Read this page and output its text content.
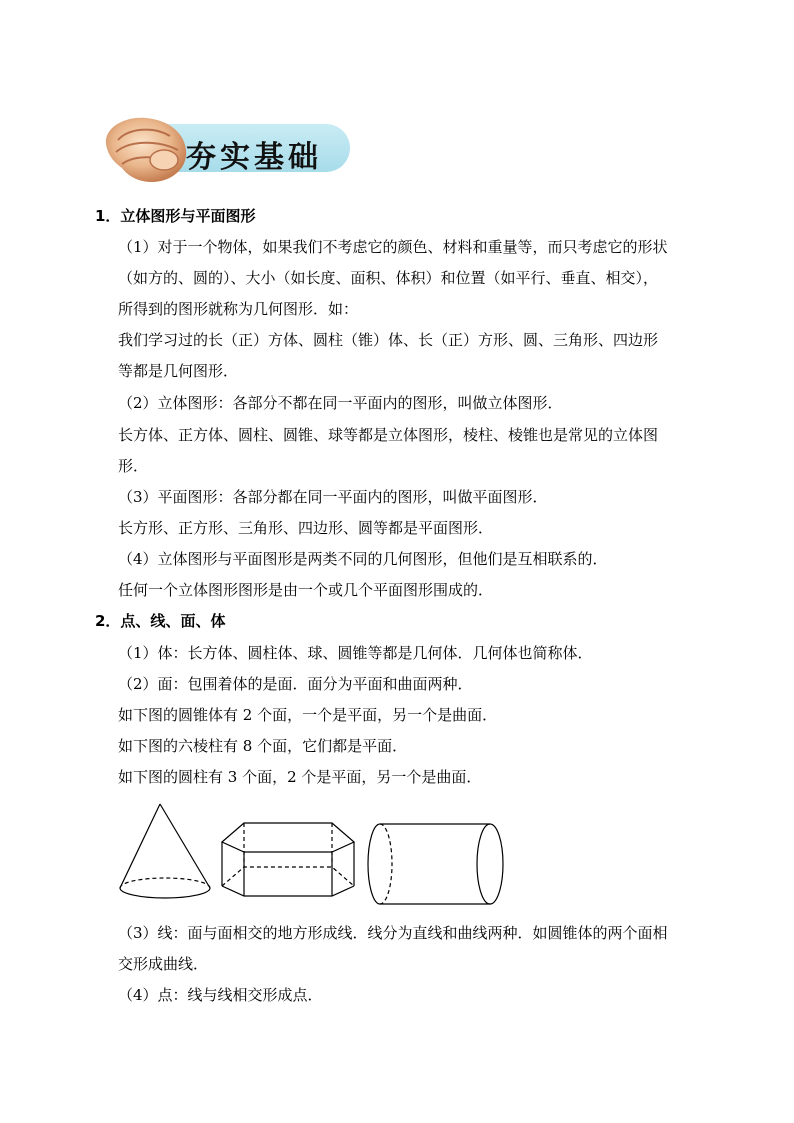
夯实基础
1．立体图形与平面图形
（1）对于一个物体，如果我们不考虑它的颜色、材料和重量等，而只考虑它的形状
（如方的、圆的）、大小（如长度、面积、体积）和位置（如平行、垂直、相交），
所得到的图形就称为几何图形．如：
我们学习过的长（正）方体、圆柱（锥）体、长（正）方形、圆、三角形、四边形
等都是几何图形．
（2）立体图形：各部分不都在同一平面内的图形，叫做立体图形．
长方体、正方体、圆柱、圆锥、球等都是立体图形，棱柱、棱锥也是常见的立体图
形．
（3）平面图形：各部分都在同一平面内的图形，叫做平面图形．
长方形、正方形、三角形、四边形、圆等都是平面图形．
（4）立体图形与平面图形是两类不同的几何图形，但他们是互相联系的．
任何一个立体图形图形是由一个或几个平面图形围成的．
2．点、线、面、体
（1）体：长方体、圆柱体、球、圆锥等都是几何体．几何体也简称体．
（2）面：包围着体的是面．面分为平面和曲面两种．
如下图的圆锥体有 2 个面，一个是平面，另一个是曲面．
如下图的六棱柱有 8 个面，它们都是平面．
如下图的圆柱有 3 个面，2 个是平面，另一个是曲面．
（3）线：面与面相交的地方形成线．线分为直线和曲线两种．如圆锥体的两个面相
交形成曲线．
（4）点：线与线相交形成点．
